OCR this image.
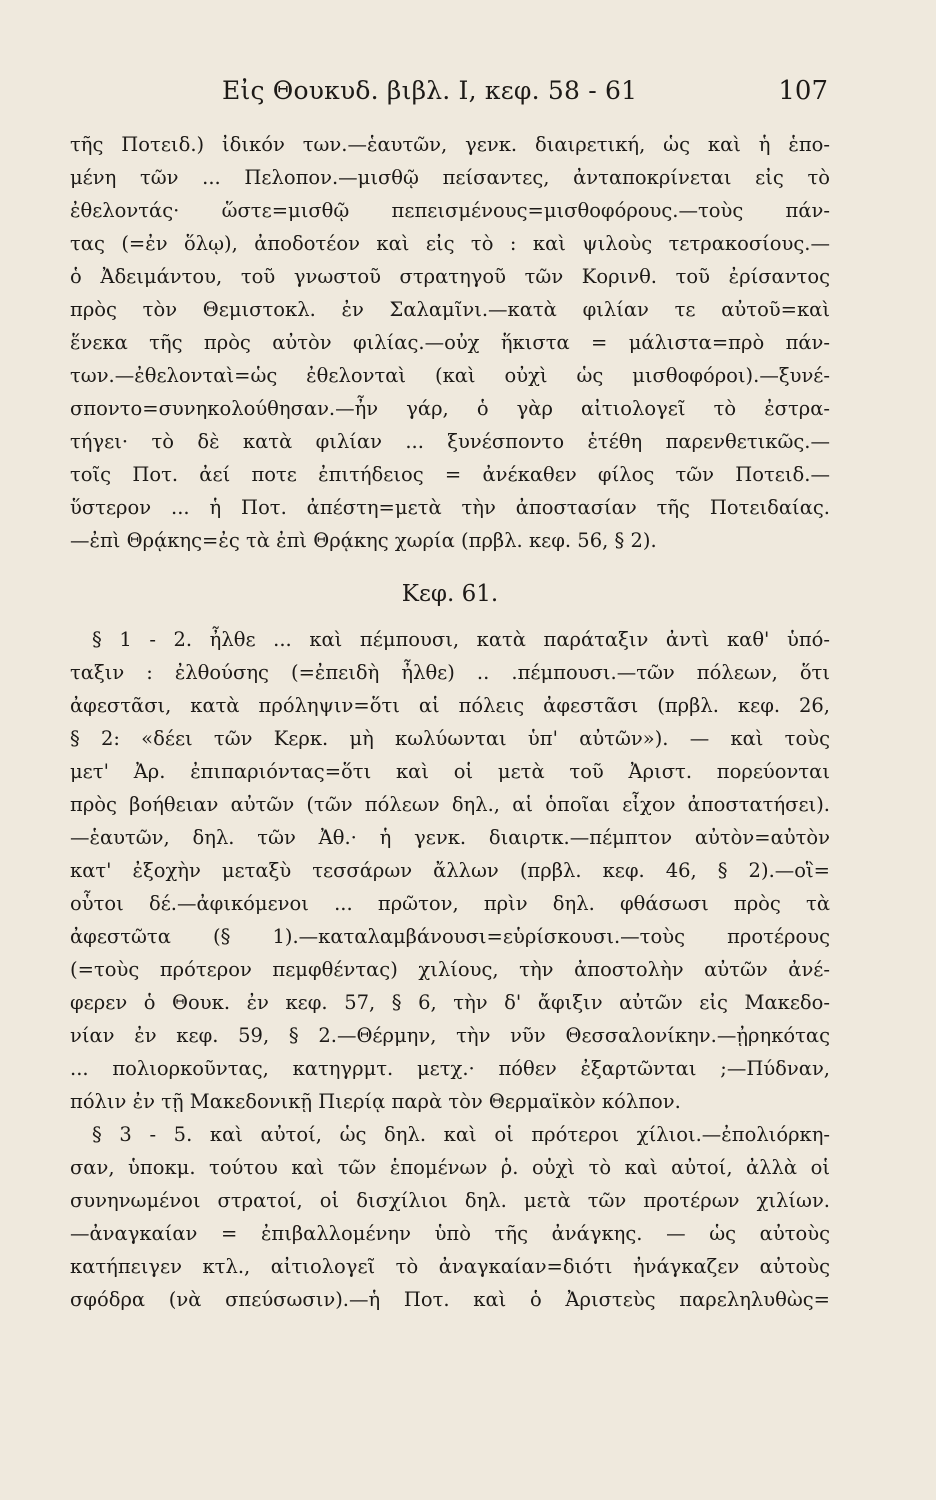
Εἰς Θουκυδ. βιβλ. Ι, κεφ. 58 - 61	107
τῆς Ποτειδ.) ἰδικόν των.—ἑαυτῶν, γενκ. διαιρετική, ὡς καὶ ἡ ἑπο-
μένη τῶν ... Πελοπον.—μισθῷ πείσαντες, ἀνταποκρίνεται εἰς τὸ
ἐθελοντάς· ὥστε=μισθῷ πεπεισμένους=μισθοφόρους.—τοὺς πάν-
τας (=ἐν ὅλῳ), ἀποδοτέον καὶ εἰς τὸ : καὶ ψιλοὺς τετρακοσίους.—
ὁ Ἀδειμάντου, τοῦ γνωστοῦ στρατηγοῦ τῶν Κορινθ. τοῦ ἐρίσαντος
πρὸς τὸν Θεμιστοκλ. ἐν Σαλαμῖνι.—κατὰ φιλίαν τε αὐτοῦ=καὶ
ἕνεκα τῆς πρὸς αὐτὸν φιλίας.—οὐχ ἥκιστα = μάλιστα=πρὸ πάν-
των.—ἐθελονταὶ=ὡς ἐθελονταὶ (καὶ οὐχὶ ὡς μισθοφόροι).—ξυνέ-
σποντο=συνηκολούθησαν.—ἦν γάρ, ὁ γὰρ αἰτιολογεῖ τὸ ἐστρα-
τήγει· τὸ δὲ κατὰ φιλίαν ... ξυνέσποντο ἑτέθη παρενθετικῶς.—
τοῖς Ποτ. ἀεί ποτε ἐπιτήδειος = ἀνέκαθεν φίλος τῶν Ποτειδ.—
ὕστερον ... ἡ Ποτ. ἀπέστη=μετὰ τὴν ἀποστασίαν τῆς Ποτειδαίας.
—ἐπὶ Θρᾴκης=ἐς τὰ ἐπὶ Θρᾴκης χωρία (πρβλ. κεφ. 56, § 2).
Κεφ. 61.
§ 1 - 2. ἦλθε ... καὶ πέμπουσι, κατὰ παράταξιν ἀντὶ καθ' ὑπό-
ταξιν : ἐλθούσης (=ἐπειδὴ ἦλθε) .. .πέμπουσι.—τῶν πόλεων, ὅτι
ἀφεστᾶσι, κατὰ πρόληψιν=ὅτι αἱ πόλεις ἀφεστᾶσι (πρβλ. κεφ. 26,
§ 2: «δέει τῶν Κερκ. μὴ κωλύωνται ὑπ' αὐτῶν»). — καὶ τοὺς
μετ' Ἀρ. ἐπιπαριόντας=ὅτι καὶ οἱ μετὰ τοῦ Ἀριστ. πορεύονται
πρὸς βοήθειαν αὐτῶν (τῶν πόλεων δηλ., αἱ ὁποῖαι εἶχον ἀποστατήσει).
—ἑαυτῶν, δηλ. τῶν Ἀθ.· ἡ γενκ. διαιρτκ.—πέμπτον αὐτὸν=αὐτὸν
κατ' ἐξοχὴν μεταξὺ τεσσάρων ἄλλων (πρβλ. κεφ. 46, § 2).—οἳ=
οὗτοι δέ.—ἀφικόμενοι ... πρῶτον, πρὶν δηλ. φθάσωσι πρὸς τὰ
ἀφεστῶτα (§ 1).—καταλαμβάνουσι=εὑρίσκουσι.—τοὺς προτέρους
(=τοὺς πρότερον πεμφθέντας) χιλίους, τὴν ἀποστολὴν αὐτῶν ἀνέ-
φερεν ὁ Θουκ. ἐν κεφ. 57, § 6, τὴν δ' ἄφιξιν αὐτῶν εἰς Μακεδο-
νίαν ἐν κεφ. 59, § 2.—Θέρμην, τὴν νῦν Θεσσαλονίκην.—ᾐρηκότας
... πολιορκοῦντας, κατηγρμτ. μετχ.· πόθεν ἐξαρτῶνται ;—Πύδναν,
πόλιν ἐν τῇ Μακεδονικῇ Πιερίᾳ παρὰ τὸν Θερμαϊκὸν κόλπον.
§ 3 - 5. καὶ αὐτοί, ὡς δηλ. καὶ οἱ πρότεροι χίλιοι.—ἐπολιόρκη-
σαν, ὑποκμ. τούτου καὶ τῶν ἑπομένων ῥ. οὐχὶ τὸ καὶ αὐτοί, ἀλλὰ οἱ
συνηνωμένοι στρατοί, οἱ δισχίλιοι δηλ. μετὰ τῶν προτέρων χιλίων.
—ἀναγκαίαν = ἐπιβαλλομένην ὑπὸ τῆς ἀνάγκης. — ὡς αὐτοὺς
κατήπειγεν κτλ., αἰτιολογεῖ τὸ ἀναγκαίαν=διότι ἠνάγκαζεν αὐτοὺς
σφόδρα (νὰ σπεύσωσιν).—ἡ Ποτ. καὶ ὁ Ἀριστεὺς παρεληλυθὼς=
